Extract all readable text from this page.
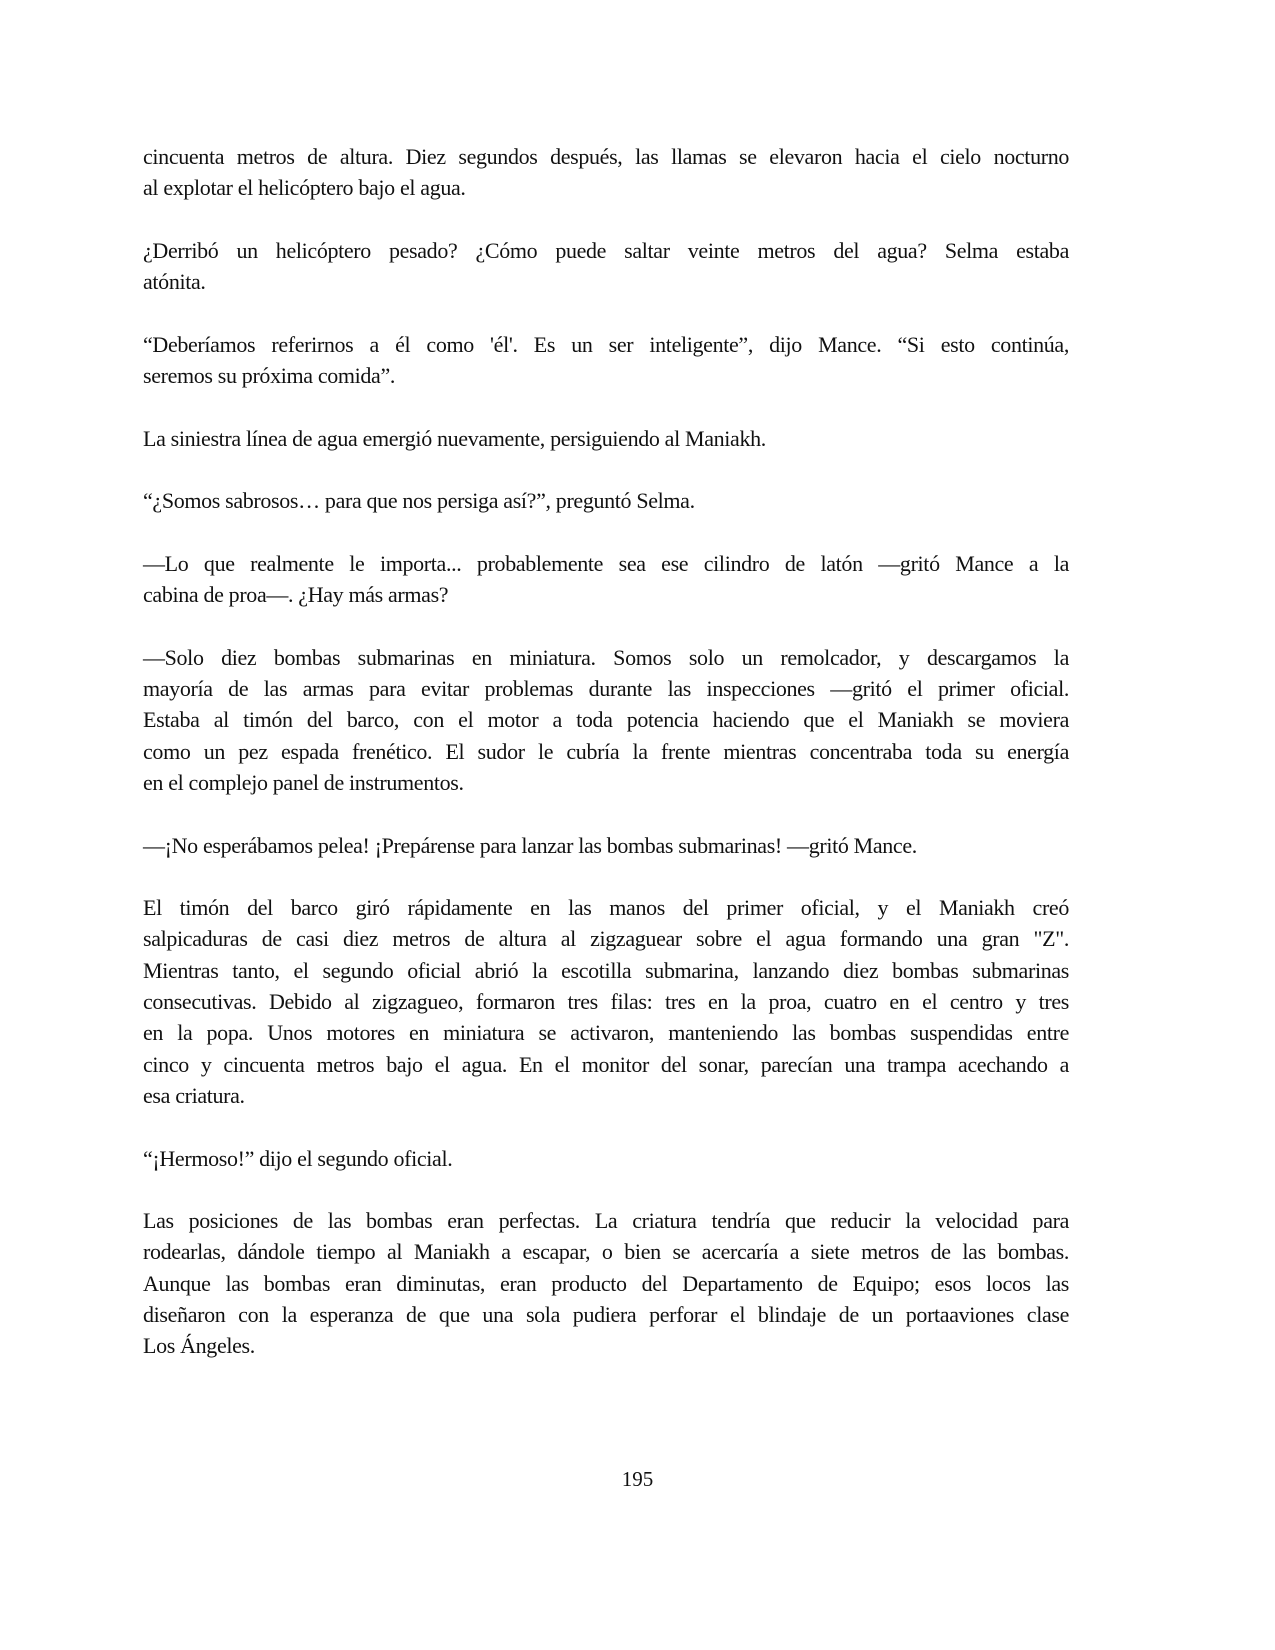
cincuenta metros de altura. Diez segundos después, las llamas se elevaron hacia el cielo nocturno
al explotar el helicóptero bajo el agua.
¿Derribó un helicóptero pesado? ¿Cómo puede saltar veinte metros del agua? Selma estaba
atónita.
“Deberíamos referirnos a él como 'él'. Es un ser inteligente”, dijo Mance. “Si esto continúa,
seremos su próxima comida”.
La siniestra línea de agua emergió nuevamente, persiguiendo al Maniakh.
“¿Somos sabrosos… para que nos persiga así?”, preguntó Selma.
—Lo que realmente le importa... probablemente sea ese cilindro de latón —gritó Mance a la
cabina de proa—. ¿Hay más armas?
—Solo diez bombas submarinas en miniatura. Somos solo un remolcador, y descargamos la
mayoría de las armas para evitar problemas durante las inspecciones —gritó el primer oficial.
Estaba al timón del barco, con el motor a toda potencia haciendo que el Maniakh se moviera
como un pez espada frenético. El sudor le cubría la frente mientras concentraba toda su energía
en el complejo panel de instrumentos.
—¡No esperábamos pelea! ¡Prepárense para lanzar las bombas submarinas! —gritó Mance.
El timón del barco giró rápidamente en las manos del primer oficial, y el Maniakh creó
salpicaduras de casi diez metros de altura al zigzaguear sobre el agua formando una gran "Z".
Mientras tanto, el segundo oficial abrió la escotilla submarina, lanzando diez bombas submarinas
consecutivas. Debido al zigzagueo, formaron tres filas: tres en la proa, cuatro en el centro y tres
en la popa. Unos motores en miniatura se activaron, manteniendo las bombas suspendidas entre
cinco y cincuenta metros bajo el agua. En el monitor del sonar, parecían una trampa acechando a
esa criatura.
“¡Hermoso!” dijo el segundo oficial.
Las posiciones de las bombas eran perfectas. La criatura tendría que reducir la velocidad para
rodearlas, dándole tiempo al Maniakh a escapar, o bien se acercaría a siete metros de las bombas.
Aunque las bombas eran diminutas, eran producto del Departamento de Equipo; esos locos las
diseñaron con la esperanza de que una sola pudiera perforar el blindaje de un portaaviones clase
Los Ángeles.
195
